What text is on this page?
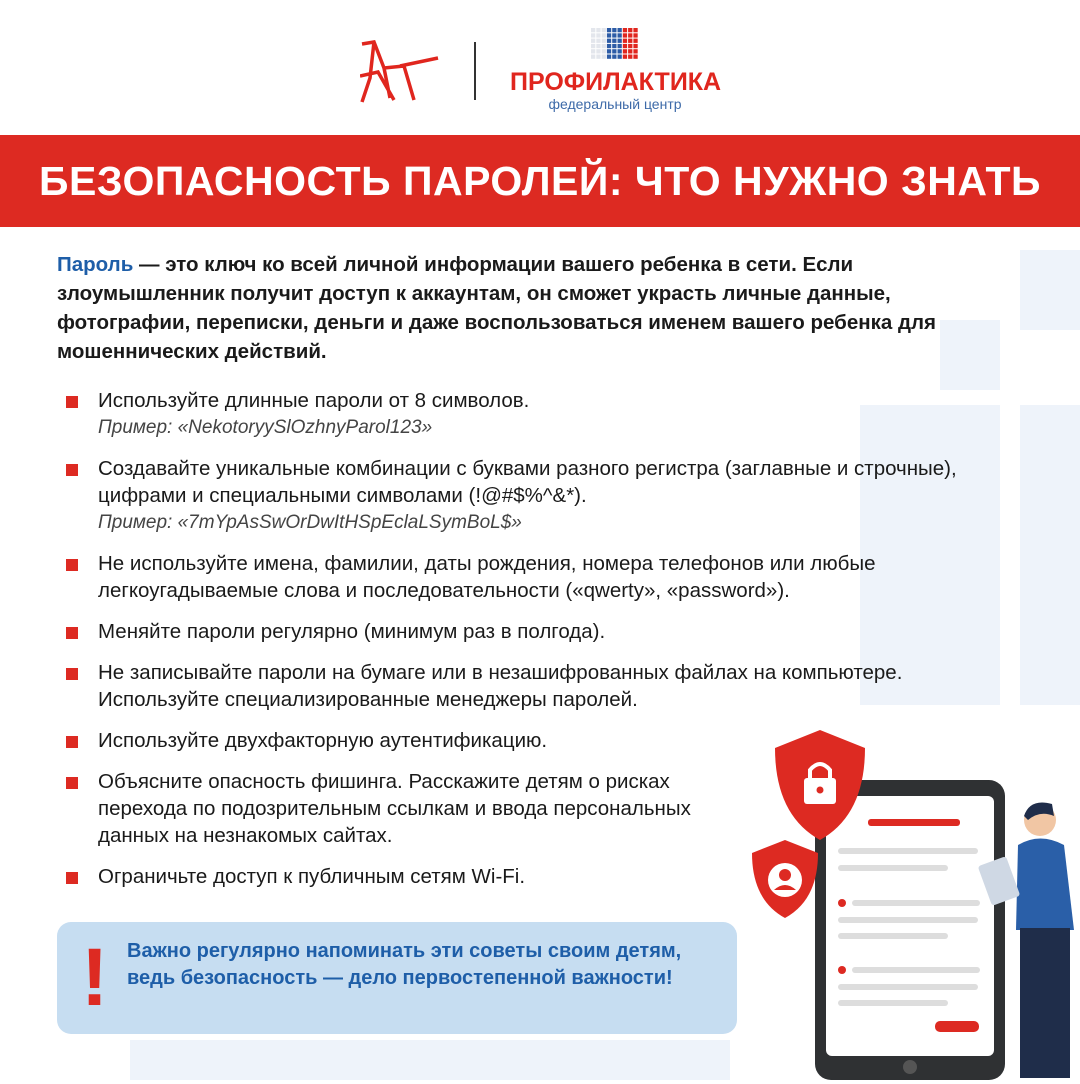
ПРОФИЛАКТИКА
федеральный центр
БЕЗОПАСНОСТЬ ПАРОЛЕЙ: ЧТО НУЖНО ЗНАТЬ
Пароль — это ключ ко всей личной информации вашего ребенка в сети. Если злоумышленник получит доступ к аккаунтам, он сможет украсть личные данные, фотографии, переписки, деньги и даже воспользоваться именем вашего ребенка для мошеннических действий.
Используйте длинные пароли от 8 символов.
Пример: «NekotoryySlOzhnyParol123»
Создавайте уникальные комбинации с буквами разного регистра (заглавные и строчные), цифрами и специальными символами (!@#$%^&*).
Пример: «7mYpAsSwOrDwItHSpEclaLSymBoL$»
Не используйте имена, фамилии, даты рождения, номера телефонов или любые легкоугадываемые слова и последовательности («qwerty», «password»).
Меняйте пароли регулярно (минимум раз в полгода).
Не записывайте пароли на бумаге или в незашифрованных файлах на компьютере. Используйте специализированные менеджеры паролей.
Используйте двухфакторную аутентификацию.
Объясните опасность фишинга. Расскажите детям о рисках перехода по подозрительным ссылкам и ввода персональных данных на незнакомых сайтах.
Ограничьте доступ к публичным сетям Wi-Fi.
! Важно регулярно напоминать эти советы своим детям, ведь безопасность — дело первостепенной важности!
